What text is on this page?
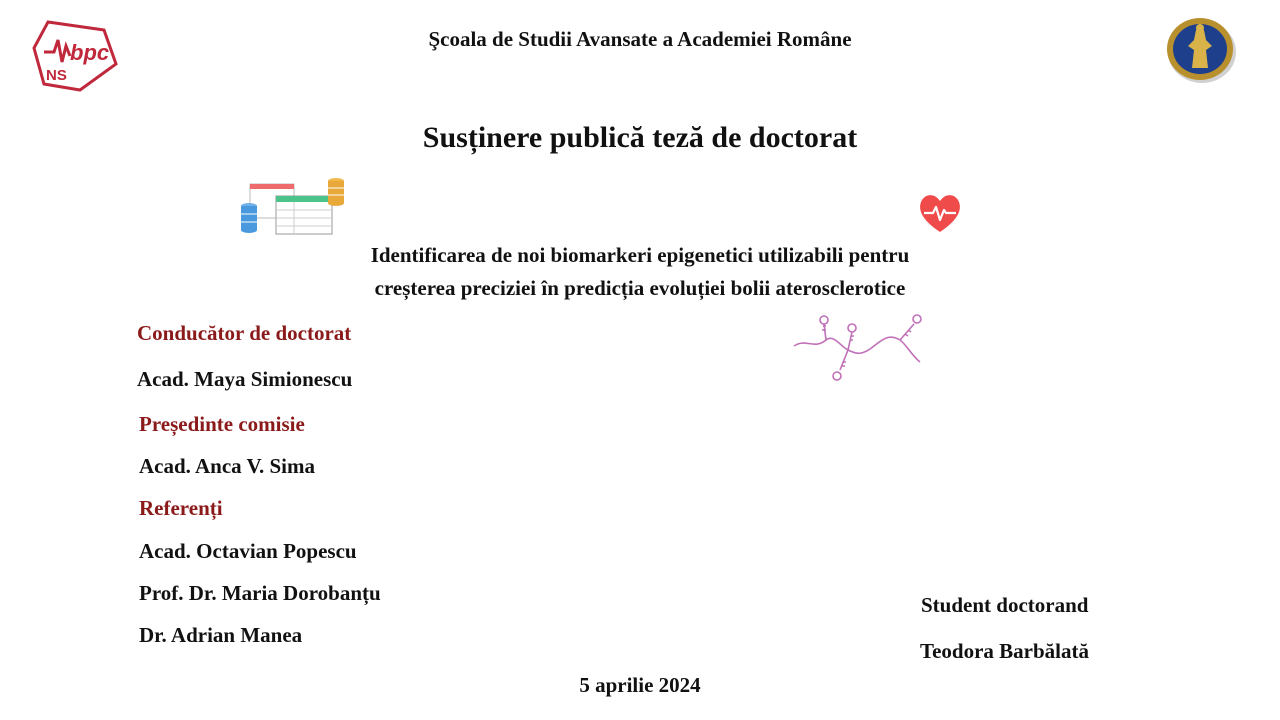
bpc
NS
Şcoala de Studii Avansate a Academiei Române
Susținere publică teză de doctorat
Identificarea de noi biomarkeri epigenetici utilizabili pentru
creșterea preciziei în predicția evoluției bolii aterosclerotice
Conducător de doctorat
Acad. Maya Simionescu
Președinte comisie
Acad. Anca V. Sima
Referenți
Acad. Octavian Popescu
Prof. Dr. Maria Dorobanțu
Dr. Adrian Manea
Student doctorand
Teodora Barbălată
5 aprilie 2024
